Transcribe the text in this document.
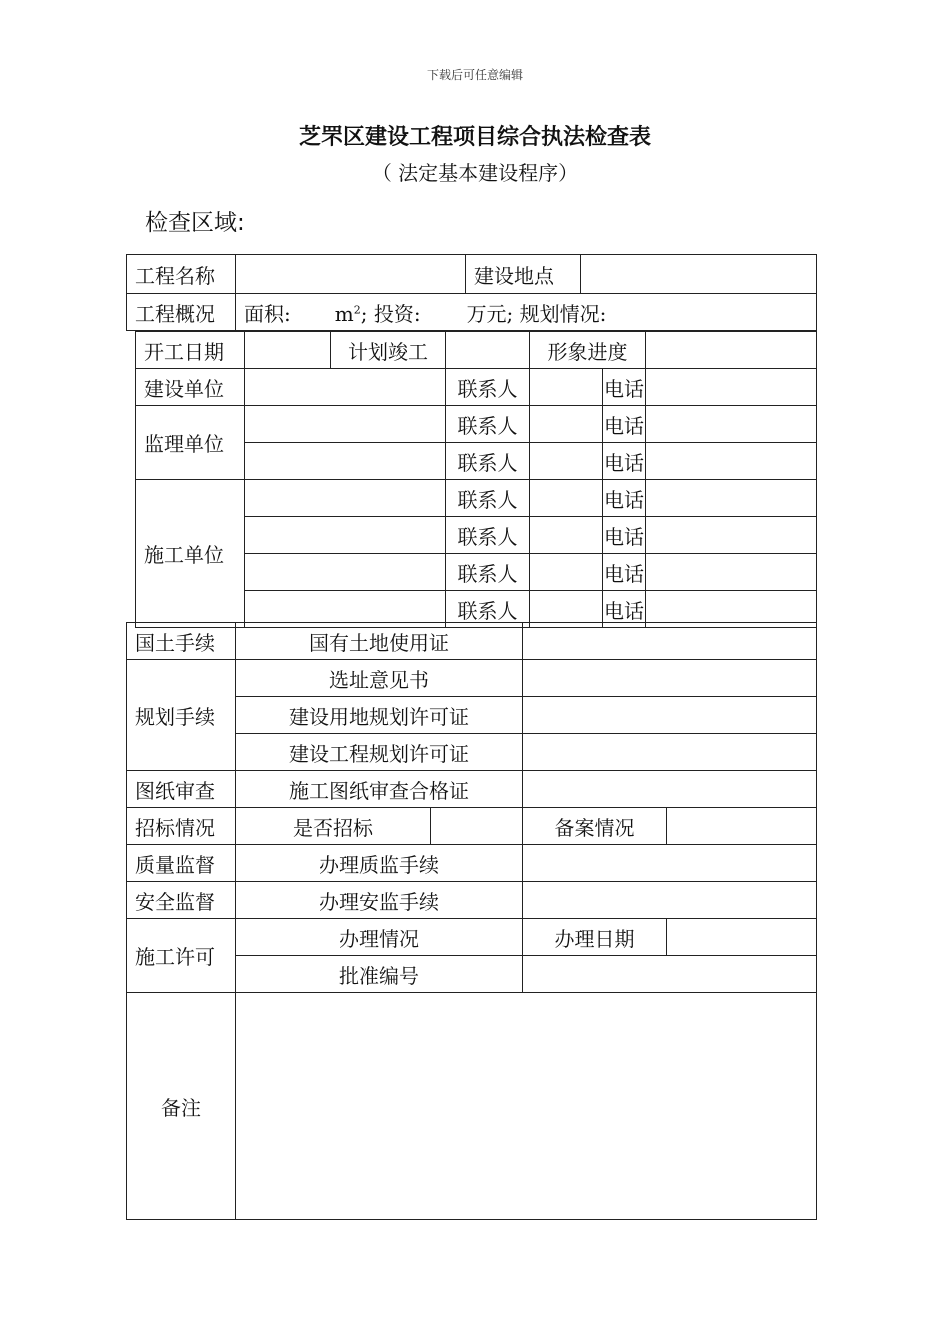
下载后可任意编辑
芝罘区建设工程项目综合执法检查表
（ 法定基本建设程序）
检查区域:
工程名称		建设地点	
工程概况	面积: $m^2$; 投资: 万元; 规划情况:		
开工日期		计划竣工		形象进度		
建设单位			联系人		电话	
监理单位			联系人		电话	
			联系人		电话	
施工单位			联系人		电话	
			联系人		电话	
			联系人		电话	
			联系人		电话	
国土手续	国有土地使用证			
规划手续	选址意见书			
	建设用地规划许可证			
	建设工程规划许可证			
图纸审查	施工图纸审查合格证			
招标情况	是否招标		备案情况	
质量监督	办理质监手续			
安全监督	办理安监手续			
施工许可	办理情况		办理日期	
	批准编号			
备注				
